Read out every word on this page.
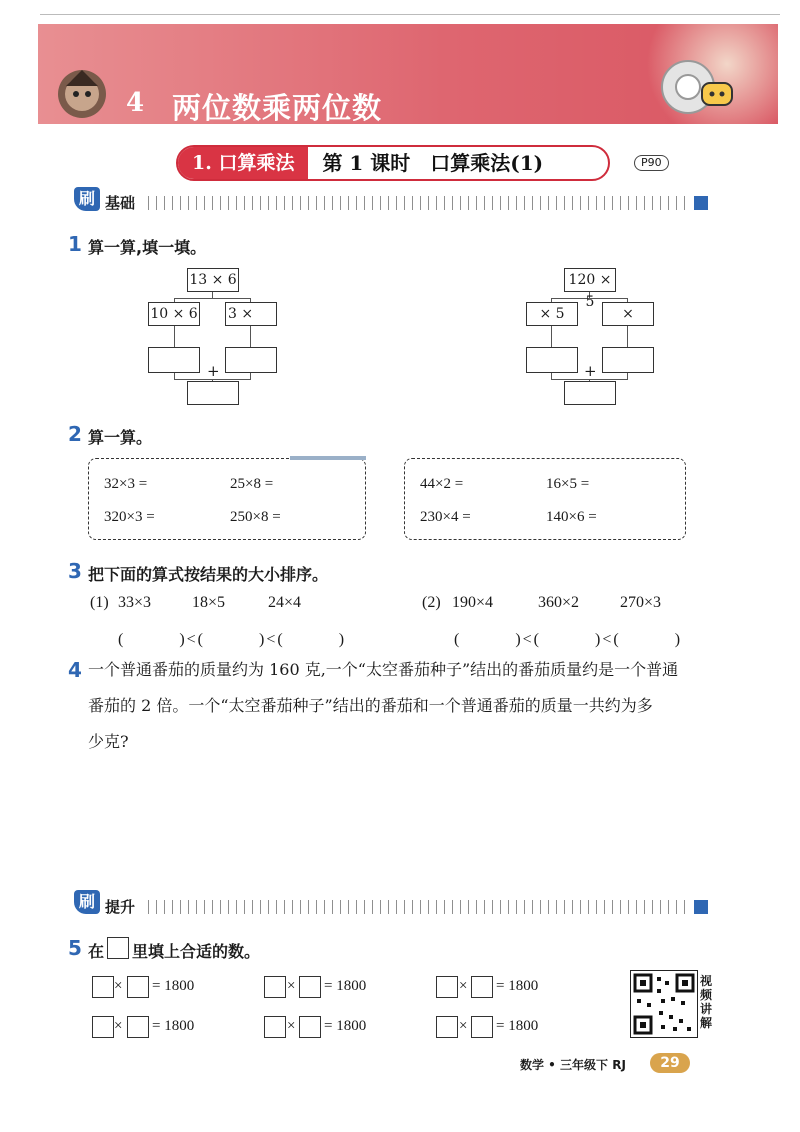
4 两位数乘两位数
1. 口算乘法	第 1 课时　口算乘法(1)	P90
刷 基础
1 算一算,填一填。
13 × 6
10 × 6 3 ×
+
120 × 5
× 5	×
+
2 算一算。
32×3 =	25×8 =
320×3 =	250×8 =
44×2 =	16×5 =
230×4 =	140×6 =
3 把下面的算式按结果的大小排序。
(1) 33×3	18×5	24×4	(2) 190×4	360×2	270×3
(　　　)<(　　　)<(　　　)	(　　　)<(　　　)<(　　　)
4 一个普通番茄的质量约为 160 克,一个“太空番茄种子”结出的番茄质量约是一个普通
番茄的 2 倍。一个“太空番茄种子”结出的番茄和一个普通番茄的质量一共约为多
少克?
刷 提升
5 在 里填上合适的数。
× = 1800	× = 1800	× = 1800
× = 1800	× = 1800	× = 1800
视频讲解
数学 • 三年级下 RJ	29
